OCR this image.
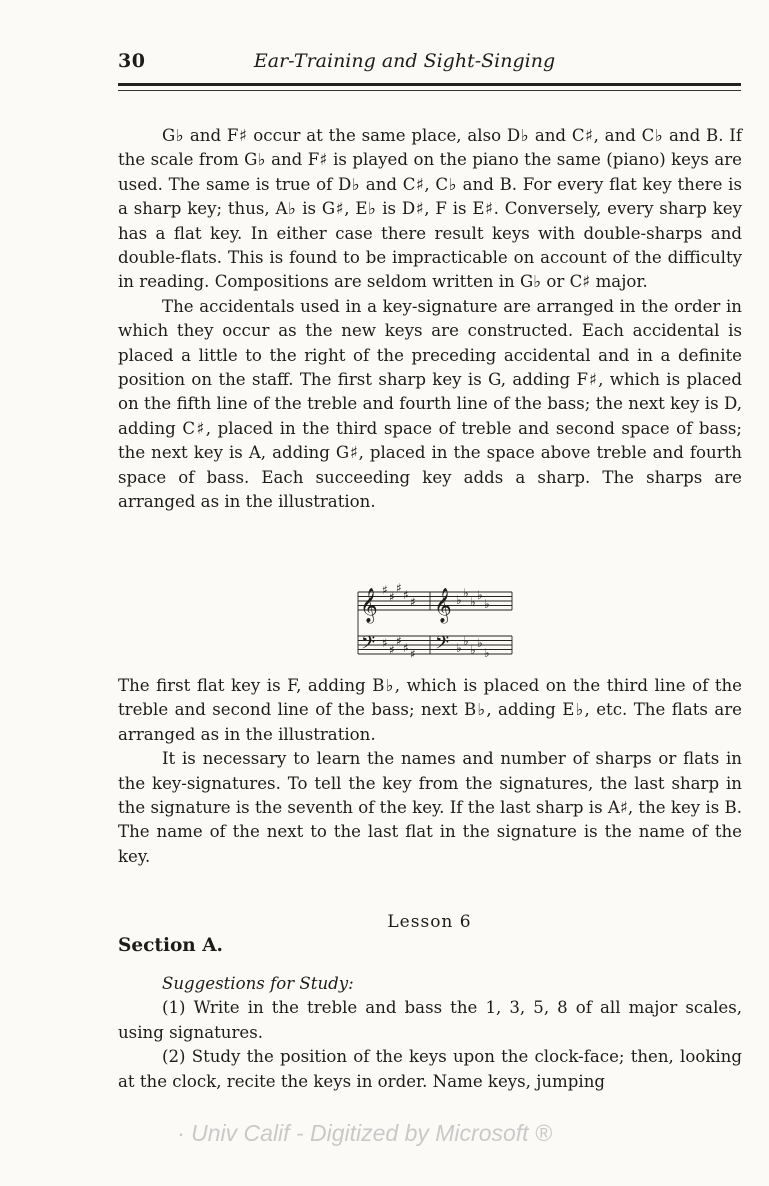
30	Ear-Training and Sight-Singing

G♭ and F♯ occur at the same place, also D♭ and C♯, and C♭ and B. If the scale from G♭ and F♯ is played on the piano the same (piano) keys are used. The same is true of D♭ and C♯, C♭ and B. For every flat key there is a sharp key; thus, A♭ is G♯, E♭ is D♯, F is E♯. Conversely, every sharp key has a flat key. In either case there result keys with double-sharps and double-flats. This is found to be impracticable on account of the difficulty in reading. Compositions are seldom written in G♭ or C♯ major.

The accidentals used in a key-signature are arranged in the order in which they occur as the new keys are constructed. Each accidental is placed a little to the right of the preceding accidental and in a definite position on the staff. The first sharp key is G, adding F♯, which is placed on the fifth line of the treble and fourth line of the bass; the next key is D, adding C♯, placed in the third space of treble and second space of bass; the next key is A, adding G♯, placed in the space above treble and fourth space of bass. Each succeeding key adds a sharp. The sharps are arranged as in the illustration.

𝄞 ♯ ♯
♯ ♯ ♯ 𝄞 ♭ ♭
♭ ♭
♭
𝄢 ♯ ♯
♯ ♯ ♯ 𝄢 ♭ ♭
♭ ♭
♭

The first flat key is F, adding B♭, which is placed on the third line of the treble and second line of the bass; next B♭, adding E♭, etc. The flats are arranged as in the illustration.

It is necessary to learn the names and number of sharps or flats in the key-signatures. To tell the key from the signatures, the last sharp in the signature is the seventh of the key. If the last sharp is A♯, the key is B. The name of the next to the last flat in the signature is the name of the key.

Lesson 6
Section A.

Suggestions for Study:

(1) Write in the treble and bass the 1, 3, 5, 8 of all major scales, using signatures.

(2) Study the position of the keys upon the clock-face; then, looking at the clock, recite the keys in order. Name keys, jumping

· Univ Calif - Digitized by Microsoft ®
